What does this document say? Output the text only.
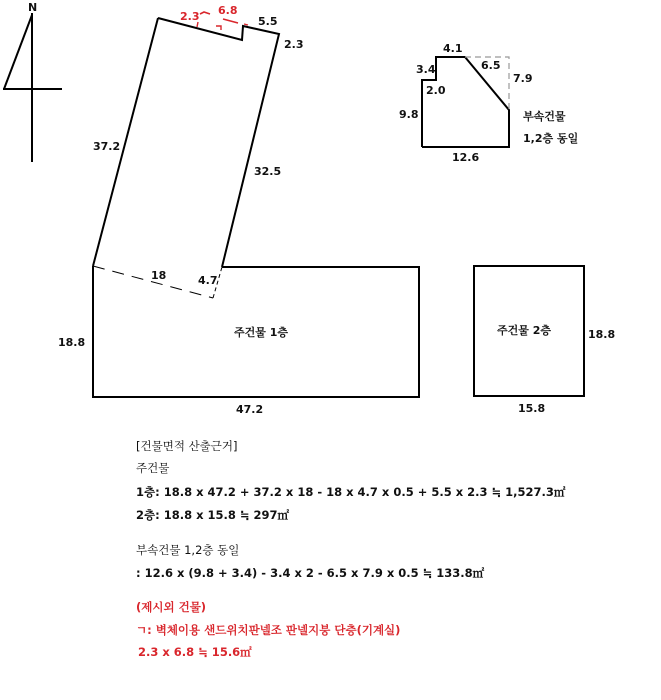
N
2.3 6.8
5.5
2.3
37.2
32.5
18	4.7
주건물 1층
18.8
47.2
주건물 2층	18.8
15.8
4.1
3.4
2.0
9.8
12.6
6.5
7.9
부속건물
1,2층 동일
[건물면적 산출근거]
주건물
1층: 18.8 x 47.2 + 37.2 x 18 - 18 x 4.7 x 0.5 + 5.5 x 2.3 ≒ 1,527.3㎡
2층: 18.8 x 15.8 ≒ 297㎡
부속건물 1,2층 동일
: 12.6 x (9.8 + 3.4) - 3.4 x 2 - 6.5 x 7.9 x 0.5 ≒ 133.8㎡
(제시외 건물)
ㄱ: 벽체이용 샌드위치판넬조 판넬지붕 단층(기계실)
2.3 x 6.8 ≒ 15.6㎡
